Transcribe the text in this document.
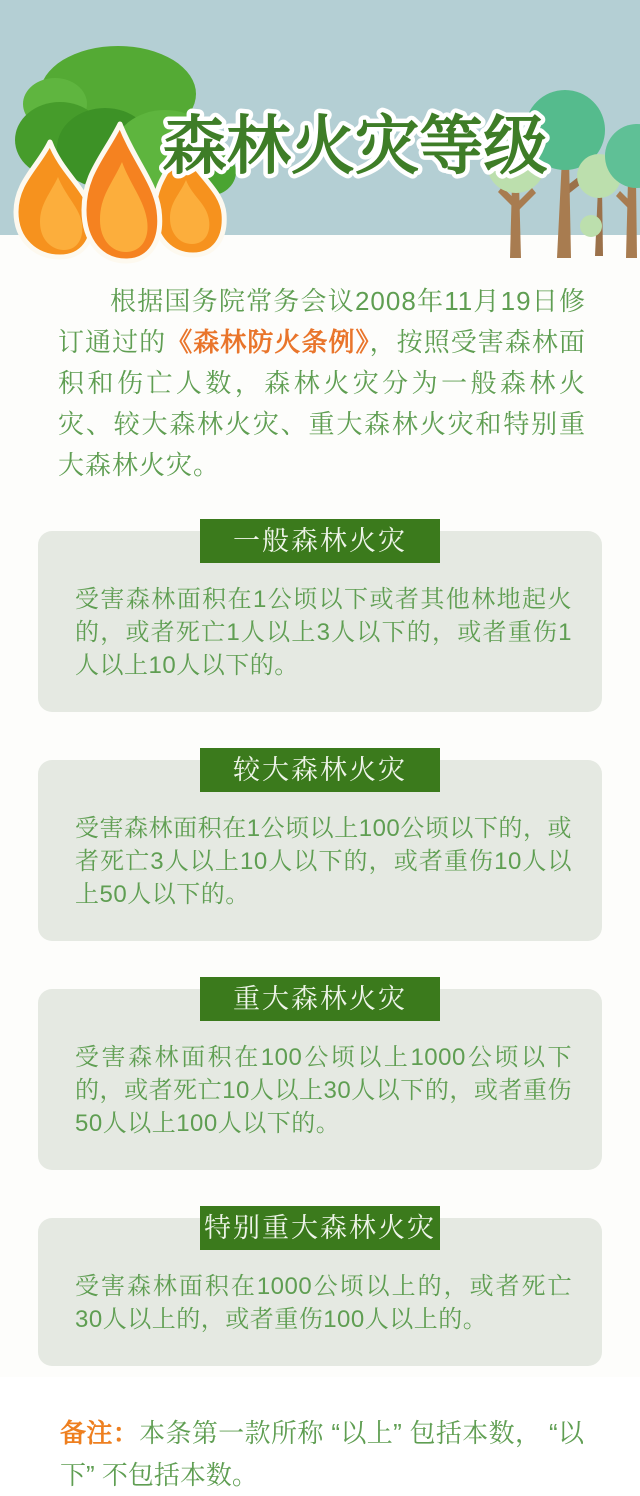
森林火灾等级

根据国务院常务会议2008年11月19日修订通过的《森林防火条例》，按照受害森林面积和伤亡人数，森林火灾分为一般森林火灾、较大森林火灾、重大森林火灾和特别重大森林火灾。

一般森林火灾

受害森林面积在1公顷以下或者其他林地起火的，或者死亡1人以上3人以下的，或者重伤1人以上10人以下的。

较大森林火灾

受害森林面积在1公顷以上100公顷以下的，或者死亡3人以上10人以下的，或者重伤10人以上50人以下的。

重大森林火灾

受害森林面积在100公顷以上1000公顷以下的，或者死亡10人以上30人以下的，或者重伤50人以上100人以下的。

特别重大森林火灾

受害森林面积在1000公顷以上的，或者死亡30人以上的，或者重伤100人以上的。

备注：本条第一款所称 “以上” 包括本数， “以下” 不包括本数。
